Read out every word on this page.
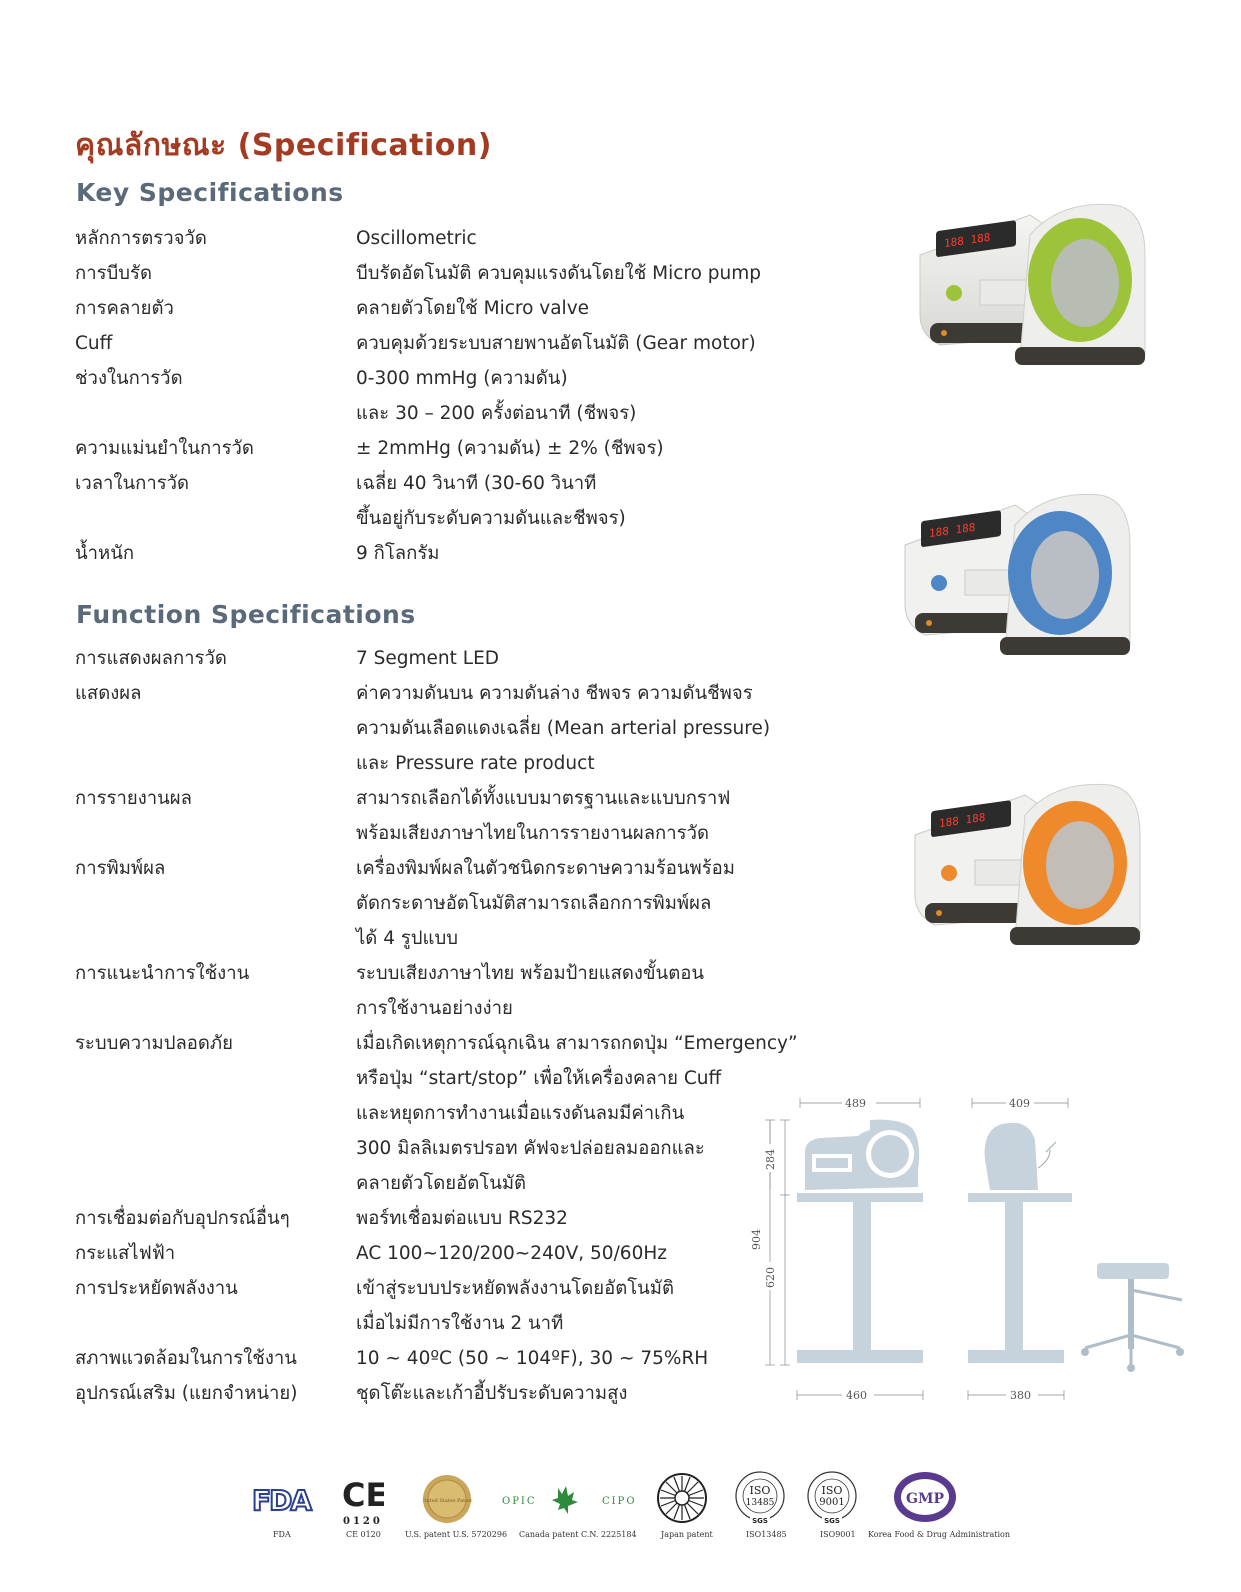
คุณลักษณะ (Specification)
Key Specifications
หลักการตรวจวัด	Oscillometric
การบีบรัด	บีบรัดอัตโนมัติ ควบคุมแรงดันโดยใช้ Micro pump
การคลายตัว	คลายตัวโดยใช้ Micro valve
Cuff	ควบคุมด้วยระบบสายพานอัตโนมัติ (Gear motor)
ช่วงในการวัด	0-300 mmHg (ความดัน)
และ 30 – 200 ครั้งต่อนาที (ชีพจร)
ความแม่นยำในการวัด	± 2mmHg (ความดัน) ± 2% (ชีพจร)
เวลาในการวัด	เฉลี่ย 40 วินาที (30-60 วินาที
ขึ้นอยู่กับระดับความดันและชีพจร)
น้ำหนัก	9 กิโลกรัม
Function Specifications
การแสดงผลการวัด	7 Segment LED
แสดงผล	ค่าความดันบน ความดันล่าง ชีพจร ความดันชีพจร
ความดันเลือดแดงเฉลี่ย (Mean arterial pressure)
และ Pressure rate product
การรายงานผล	สามารถเลือกได้ทั้งแบบมาตรฐานและแบบกราฟ
พร้อมเสียงภาษาไทยในการรายงานผลการวัด
การพิมพ์ผล	เครื่องพิมพ์ผลในตัวชนิดกระดาษความร้อนพร้อม
ตัดกระดาษอัตโนมัติสามารถเลือกการพิมพ์ผล
ได้ 4 รูปแบบ
การแนะนำการใช้งาน	ระบบเสียงภาษาไทย พร้อมป้ายแสดงขั้นตอน
การใช้งานอย่างง่าย
ระบบความปลอดภัย	เมื่อเกิดเหตุการณ์ฉุกเฉิน สามารถกดปุ่ม “Emergency”
หรือปุ่ม “start/stop” เพื่อให้เครื่องคลาย Cuff
และหยุดการทำงานเมื่อแรงดันลมมีค่าเกิน
300 มิลลิเมตรปรอท คัฟจะปล่อยลมออกและ
คลายตัวโดยอัตโนมัติ
การเชื่อมต่อกับอุปกรณ์อื่นๆ	พอร์ทเชื่อมต่อแบบ RS232
กระแสไฟฟ้า	AC 100~120/200~240V, 50/60Hz
การประหยัดพลังงาน	เข้าสู่ระบบประหยัดพลังงานโดยอัตโนมัติ
เมื่อไม่มีการใช้งาน 2 นาที
สภาพแวดล้อมในการใช้งาน	10 ~ 40ºC (50 ~ 104ºF), 30 ~ 75%RH
อุปกรณ์เสริม (แยกจำหน่าย)	ชุดโต๊ะและเก้าอี้ปรับระดับความสูง
188 188
188 188
188 188
489	409
284
904
620
460	380
FDA
FDA
CE
0120
CE 0120
United States Patent
U.S. patent U.S. 5720296
OPIC	CIPO
Canada patent C.N. 2225184	Japan patent
ISO
13485
SGS
ISO13485
ISO
9001
SGS
ISO9001
GMP
Korea Food & Drug Administration
